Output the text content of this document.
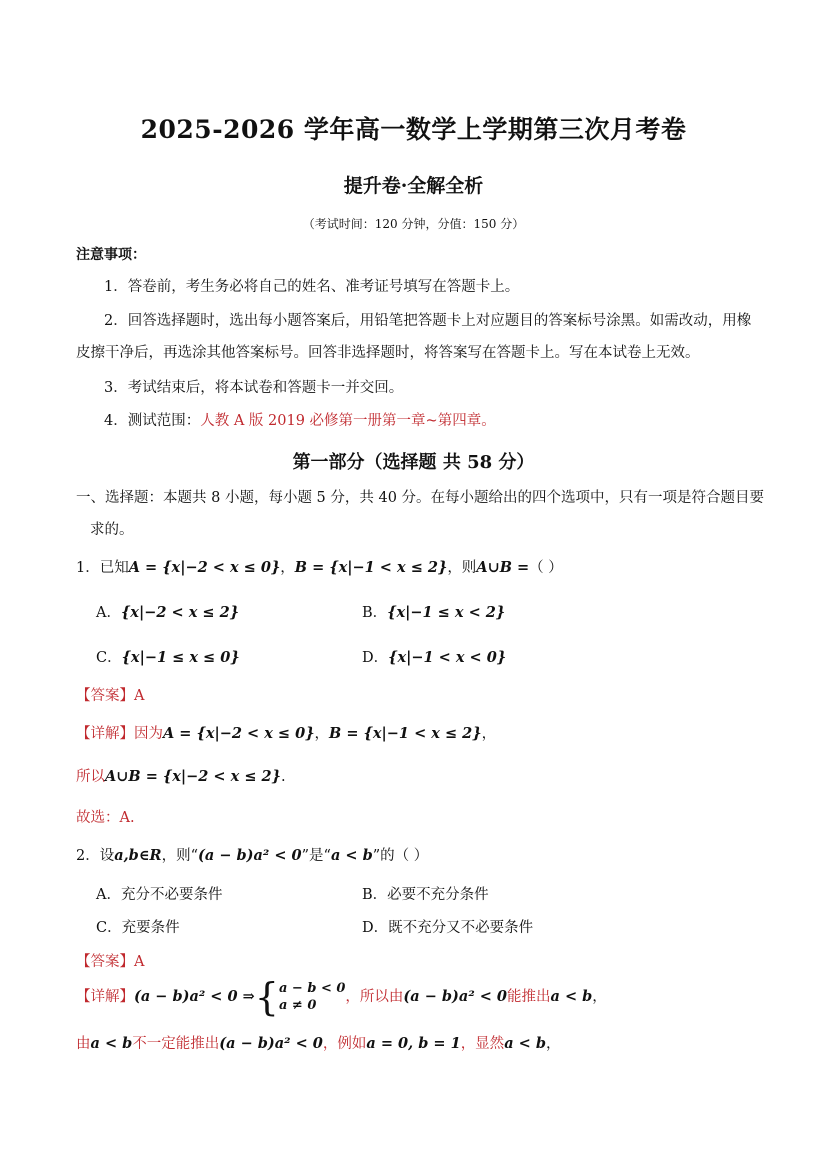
2025-2026 学年高一数学上学期第三次月考卷
提升卷·全解全析
（考试时间：120 分钟，分值：150 分）
注意事项：
1．答卷前，考生务必将自己的姓名、准考证号填写在答题卡上。
2．回答选择题时，选出每小题答案后，用铅笔把答题卡上对应题目的答案标号涂黑。如需改动，用橡
皮擦干净后，再选涂其他答案标号。回答非选择题时，将答案写在答题卡上。写在本试卷上无效。
3．考试结束后，将本试卷和答题卡一并交回。
4．测试范围：人教 A 版 2019 必修第一册第一章~第四章。
第一部分（选择题 共 58 分）
一、选择题：本题共 8 小题，每小题 5 分，共 40 分。在每小题给出的四个选项中，只有一项是符合题目要
求的。
1．已知A = {x|−2 < x ≤ 0}，B = {x|−1 < x ≤ 2}，则A∪B =（ ）
A．{x|−2 < x ≤ 2}	B．{x|−1 ≤ x < 2}
C．{x|−1 ≤ x ≤ 0}	D．{x|−1 < x < 0}
【答案】A
【详解】因为A = {x|−2 < x ≤ 0}，B = {x|−1 < x ≤ 2}，
所以A∪B = {x|−2 < x ≤ 2}.
故选：A.
2．设a,b∈R，则“(a − b)a² < 0”是“a < b”的（ ）
A．充分不必要条件	B．必要不充分条件
C．充要条件	D．既不充分又不必要条件
【答案】A
【详解】(a − b)a² < 0 ⇒{ a − b < 0
a ≠ 0
，所以由(a − b)a² < 0能推出a < b，
由a < b不一定能推出(a − b)a² < 0，例如a = 0, b = 1，显然a < b，
